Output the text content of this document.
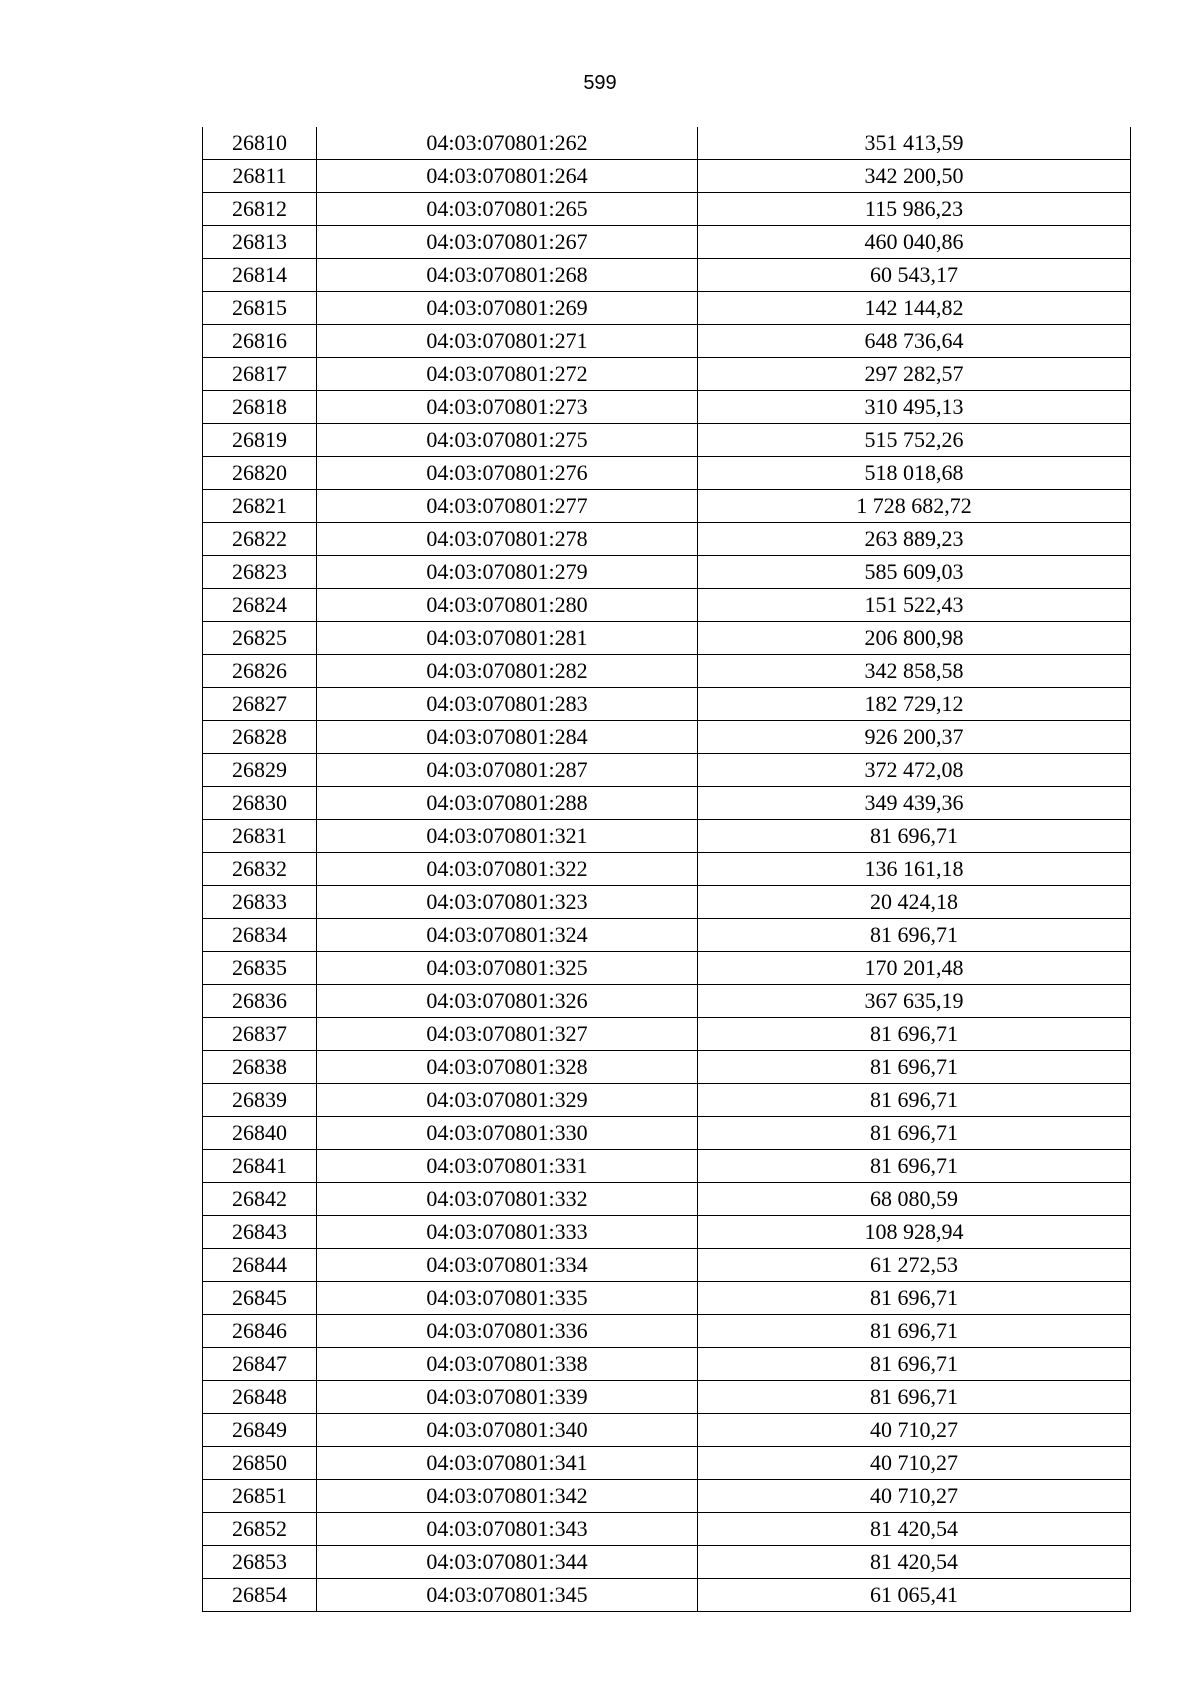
599
26810	04:03:070801:262	351 413,59
26811	04:03:070801:264	342 200,50
26812	04:03:070801:265	115 986,23
26813	04:03:070801:267	460 040,86
26814	04:03:070801:268	60 543,17
26815	04:03:070801:269	142 144,82
26816	04:03:070801:271	648 736,64
26817	04:03:070801:272	297 282,57
26818	04:03:070801:273	310 495,13
26819	04:03:070801:275	515 752,26
26820	04:03:070801:276	518 018,68
26821	04:03:070801:277	1 728 682,72
26822	04:03:070801:278	263 889,23
26823	04:03:070801:279	585 609,03
26824	04:03:070801:280	151 522,43
26825	04:03:070801:281	206 800,98
26826	04:03:070801:282	342 858,58
26827	04:03:070801:283	182 729,12
26828	04:03:070801:284	926 200,37
26829	04:03:070801:287	372 472,08
26830	04:03:070801:288	349 439,36
26831	04:03:070801:321	81 696,71
26832	04:03:070801:322	136 161,18
26833	04:03:070801:323	20 424,18
26834	04:03:070801:324	81 696,71
26835	04:03:070801:325	170 201,48
26836	04:03:070801:326	367 635,19
26837	04:03:070801:327	81 696,71
26838	04:03:070801:328	81 696,71
26839	04:03:070801:329	81 696,71
26840	04:03:070801:330	81 696,71
26841	04:03:070801:331	81 696,71
26842	04:03:070801:332	68 080,59
26843	04:03:070801:333	108 928,94
26844	04:03:070801:334	61 272,53
26845	04:03:070801:335	81 696,71
26846	04:03:070801:336	81 696,71
26847	04:03:070801:338	81 696,71
26848	04:03:070801:339	81 696,71
26849	04:03:070801:340	40 710,27
26850	04:03:070801:341	40 710,27
26851	04:03:070801:342	40 710,27
26852	04:03:070801:343	81 420,54
26853	04:03:070801:344	81 420,54
26854	04:03:070801:345	61 065,41
